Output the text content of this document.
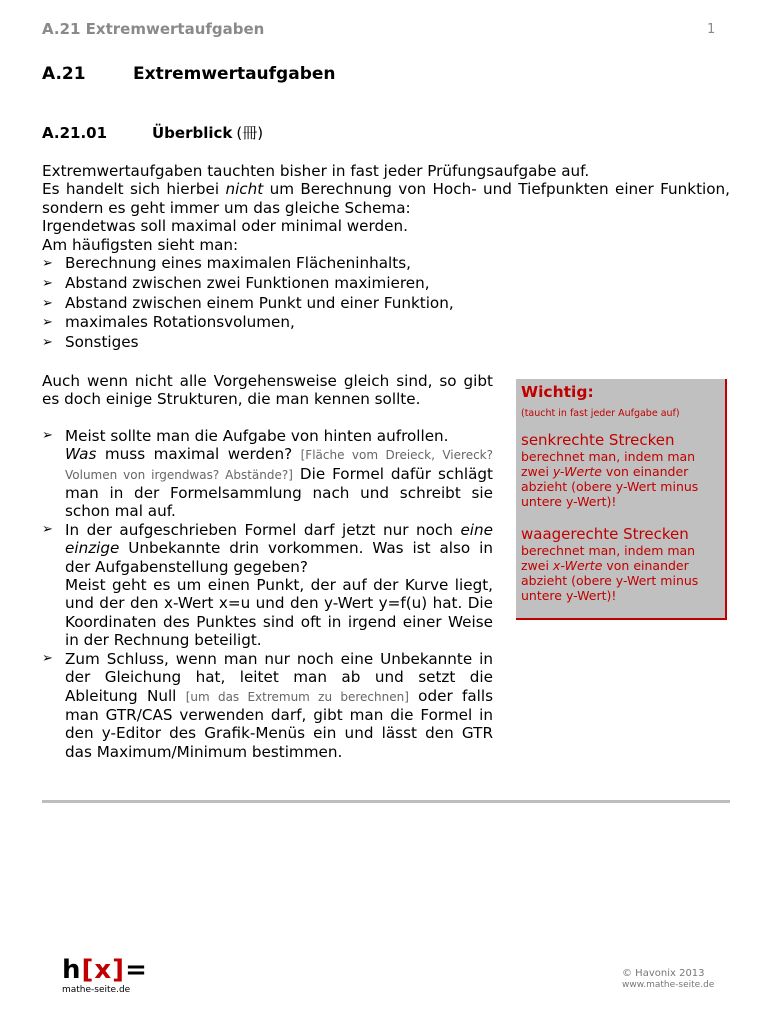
A.21 Extremwertaufgaben	1
A.21	Extremwertaufgaben
A.21.01	Überblick (冊)

Extremwertaufgaben tauchten bisher in fast jeder Prüfungsaufgabe auf.

Es handelt sich hierbei nicht um Berechnung von Hoch- und Tiefpunkten einer Funktion, sondern es geht immer um das gleiche Schema:

Irgendetwas soll maximal oder minimal werden.

Am häufigsten sieht man:

➢ Berechnung eines maximalen Flächeninhalts,
➢ Abstand zwischen zwei Funktionen maximieren,
➢ Abstand zwischen einem Punkt und einer Funktion,
➢ maximales Rotationsvolumen,
➢ Sonstiges

Auch wenn nicht alle Vorgehensweise gleich sind, so gibt es doch einige Strukturen, die man kennen sollte.

➢ Meist sollte man die Aufgabe von hinten aufrollen.
Was muss maximal werden? [Fläche vom Dreieck, Viereck? Volumen von irgendwas? Abstände?] Die Formel dafür schlägt man in der Formelsammlung nach und schreibt sie schon mal auf.
➢ In der aufgeschrieben Formel darf jetzt nur noch eine einzige Unbekannte drin vorkommen. Was ist also in der Aufgabenstellung gegeben?
Meist geht es um einen Punkt, der auf der Kurve liegt, und der den x-Wert x=u und den y-Wert y=f(u) hat. Die Koordinaten des Punktes sind oft in irgend einer Weise in der Rechnung beteiligt.
➢ Zum Schluss, wenn man nur noch eine Unbekannte in der Gleichung hat, leitet man ab und setzt die Ableitung Null [um das Extremum zu berechnen] oder falls man GTR/CAS verwenden darf, gibt man die Formel in den y-Editor des Grafik-Menüs ein und lässt den GTR das Maximum/Minimum bestimmen.
Wichtig:
(taucht in fast jeder Aufgabe auf)
senkrechte Strecken
berechnet man, indem man zwei y-Werte von einander abzieht (obere y-Wert minus untere y-Wert)!
waagerechte Strecken
berechnet man, indem man zwei x-Werte von einander abzieht (obere y-Wert minus untere y-Wert)!
h[x]=
mathe-seite.de
© Havonix 2013
www.mathe-seite.de
